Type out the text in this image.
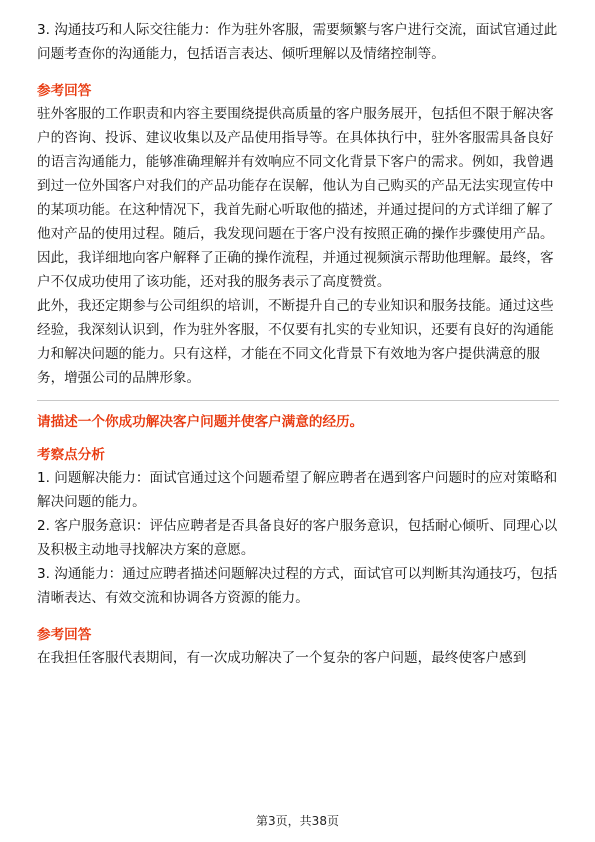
3. 沟通技巧和人际交往能力：作为驻外客服，需要频繁与客户进行交流，面试官通过此问题考查你的沟通能力，包括语言表达、倾听理解以及情绪控制等。

参考回答

驻外客服的工作职责和内容主要围绕提供高质量的客户服务展开，包括但不限于解决客户的咨询、投诉、建议收集以及产品使用指导等。在具体执行中，驻外客服需具备良好的语言沟通能力，能够准确理解并有效响应不同文化背景下客户的需求。例如，我曾遇到过一位外国客户对我们的产品功能存在误解，他认为自己购买的产品无法实现宣传中的某项功能。在这种情况下，我首先耐心听取他的描述，并通过提问的方式详细了解了他对产品的使用过程。随后，我发现问题在于客户没有按照正确的操作步骤使用产品。因此，我详细地向客户解释了正确的操作流程，并通过视频演示帮助他理解。最终，客户不仅成功使用了该功能，还对我的服务表示了高度赞赏。

此外，我还定期参与公司组织的培训，不断提升自己的专业知识和服务技能。通过这些经验，我深刻认识到，作为驻外客服，不仅要有扎实的专业知识，还要有良好的沟通能力和解决问题的能力。只有这样，才能在不同文化背景下有效地为客户提供满意的服务，增强公司的品牌形象。

请描述一个你成功解决客户问题并使客户满意的经历。

考察点分析

1. 问题解决能力：面试官通过这个问题希望了解应聘者在遇到客户问题时的应对策略和解决问题的能力。

2. 客户服务意识：评估应聘者是否具备良好的客户服务意识，包括耐心倾听、同理心以及积极主动地寻找解决方案的意愿。

3. 沟通能力：通过应聘者描述问题解决过程的方式，面试官可以判断其沟通技巧，包括清晰表达、有效交流和协调各方资源的能力。

参考回答

在我担任客服代表期间，有一次成功解决了一个复杂的客户问题，最终使客户感到

第3页，共38页
